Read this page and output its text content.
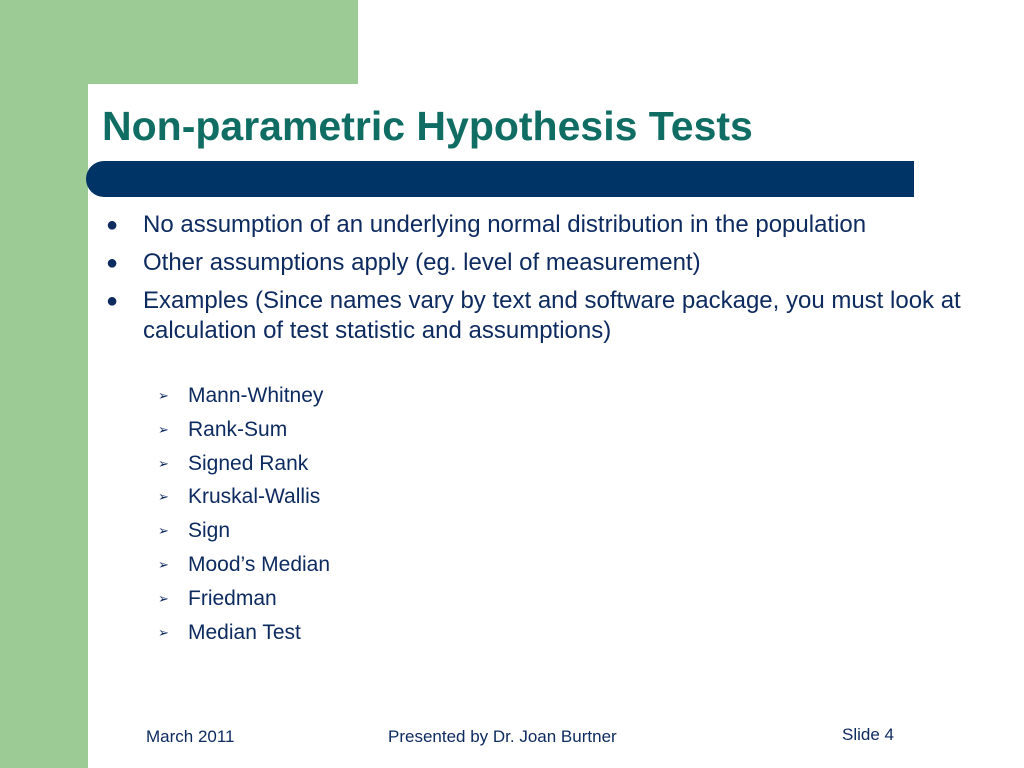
Non-parametric Hypothesis Tests
● No assumption of an underlying normal distribution in the population
● Other assumptions apply (eg. level of measurement)
● Examples (Since names vary by text and software package, you must look at calculation of test statistic and assumptions)
➢ Mann-Whitney
➢ Rank-Sum
➢ Signed Rank
➢ Kruskal-Wallis
➢ Sign
➢ Mood’s Median
➢ Friedman
➢ Median Test
March 2011	Presented by Dr. Joan Burtner	Slide 4
